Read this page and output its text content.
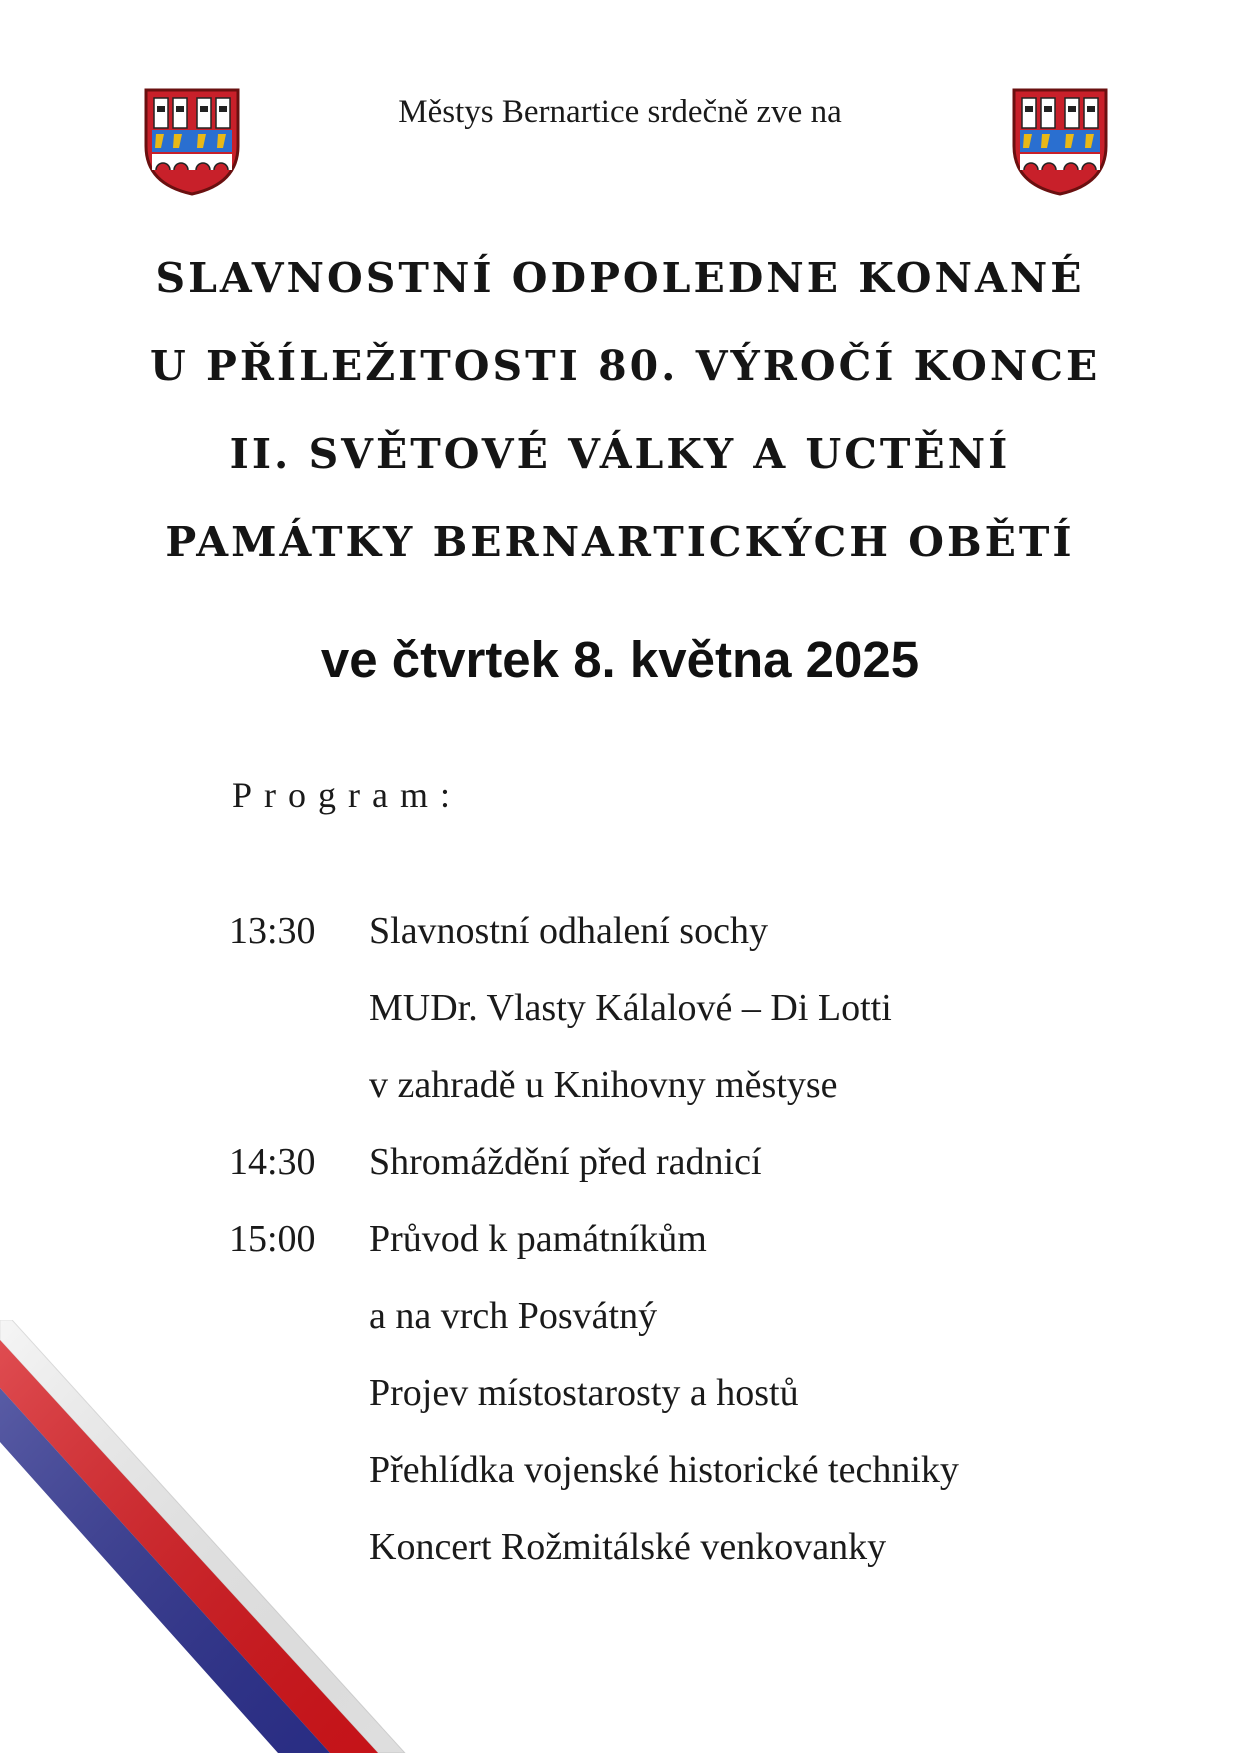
Městys Bernartice srdečně zve na
SLAVNOSTNÍ ODPOLEDNE KONANÉ
U PŘÍLEŽITOSTI 80. VÝROČÍ KONCE
II. SVĚTOVÉ VÁLKY A UCTĚNÍ
PAMÁTKY BERNARTICKÝCH OBĚTÍ
ve čtvrtek 8. května 2025
Program:
13:30	Slavnostní odhalení sochy
MUDr. Vlasty Kálalové – Di Lotti
v zahradě u Knihovny městyse
14:30	Shromáždění před radnicí
15:00	Průvod k památníkům
a na vrch Posvátný
Projev místostarosty a hostů
Přehlídka vojenské historické techniky
Koncert Rožmitálské venkovanky
